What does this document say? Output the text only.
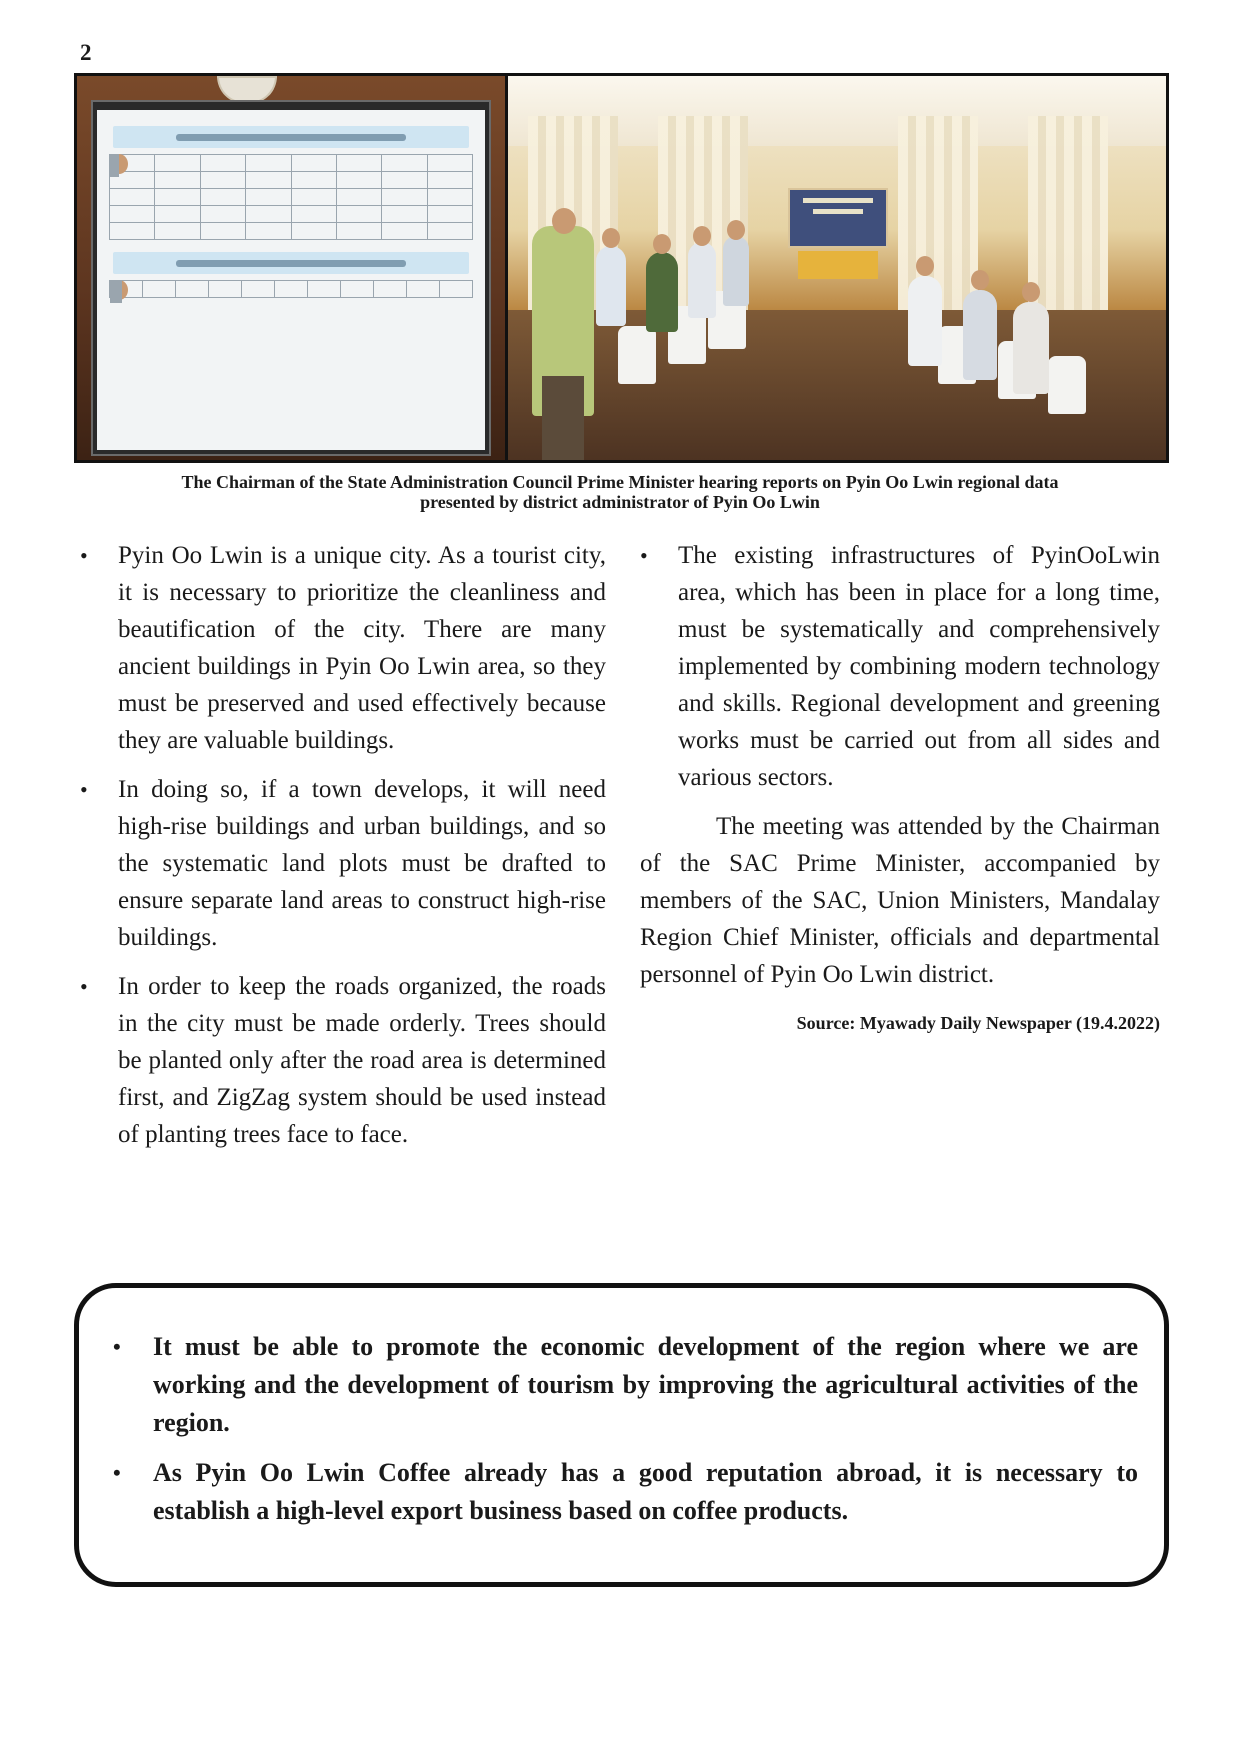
2

The Chairman of the State Administration Council Prime Minister hearing reports on Pyin Oo Lwin regional data
presented by district administrator of Pyin Oo Lwin
• Pyin Oo Lwin is a unique city. As a tourist city, it is necessary to prioritize the cleanliness and beautification of the city. There are many ancient buildings in Pyin Oo Lwin area, so they must be preserved and used effectively because they are valuable buildings.
• In doing so, if a town develops, it will need high-rise buildings and urban buildings, and so the systematic land plots must be drafted to ensure separate land areas to construct high-rise buildings.
• In order to keep the roads organized, the roads in the city must be made orderly. Trees should be planted only after the road area is determined first, and ZigZag system should be used instead of planting trees face to face.
• The existing infrastructures of PyinOoLwin area, which has been in place for a long time, must be systematically and comprehensively implemented by combining modern technology and skills. Regional development and greening works must be carried out from all sides and various sectors.

The meeting was attended by the Chairman of the SAC Prime Minister, accompanied by members of the SAC, Union Ministers, Mandalay Region Chief Minister, officials and departmental personnel of Pyin Oo Lwin district.

Source: Myawady Daily Newspaper (19.4.2022)

• It must be able to promote the economic development of the region where we are working and the development of tourism by improving the agricultural activities of the region.
• As Pyin Oo Lwin Coffee already has a good reputation abroad, it is necessary to establish a high-level export business based on coffee products.
